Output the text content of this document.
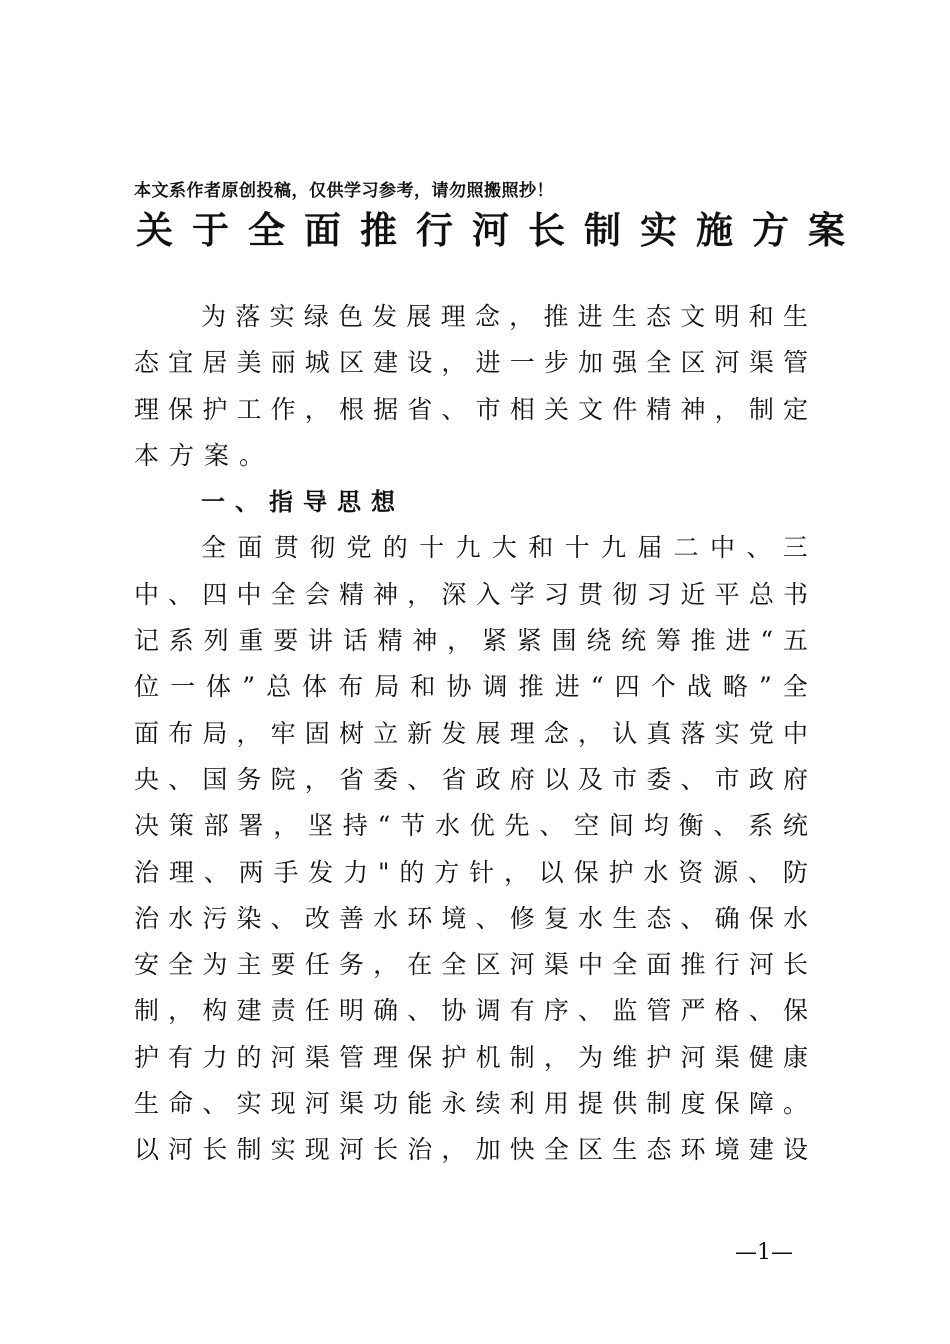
本文系作者原创投稿，仅供学习参考，请勿照搬照抄！
关于全面推行河长制实施方案
为 落 实 绿 色 发 展 理 念 ， 推 进 生 态 文 明 和 生
态 宜 居 美 丽 城 区 建 设 ， 进 一 步 加 强 全 区 河 渠 管
理 保 护 工 作 ， 根 据 省 、 市 相 关 文 件 精 神 ， 制 定
本方案。
一、指导思想
全 面 贯 彻 党 的 十 九 大 和 十 九 届 二 中 、 三
中 、 四 中 全 会 精 神 ， 深 入 学 习 贯 彻 习 近 平 总 书
记 系 列 重 要 讲 话 精 神 ， 紧 紧 围 绕 统 筹 推 进 “ 五
位 一 体 ” 总 体 布 局 和 协 调 推 进 “ 四 个 战 略 ” 全
面 布 局 ， 牢 固 树 立 新 发 展 理 念 ， 认 真 落 实 党 中
央 、 国 务 院 ， 省 委 、 省 政 府 以 及 市 委 、 市 政 府
决 策 部 署 ， 坚 持 “ 节 水 优 先 、 空 间 均 衡 、 系 统
治 理 、 两 手 发 力 " 的 方 针 ， 以 保 护 水 资 源 、 防
治 水 污 染 、 改 善 水 环 境 、 修 复 水 生 态 、 确 保 水
安 全 为 主 要 任 务 ， 在 全 区 河 渠 中 全 面 推 行 河 长
制 ， 构 建 责 任 明 确 、 协 调 有 序 、 监 管 严 格 、 保
护 有 力 的 河 渠 管 理 保 护 机 制 ， 为 维 护 河 渠 健 康
生 命 、 实 现 河 渠 功 能 永 续 利 用 提 供 制 度 保 障 。
以 河 长 制 实 现 河 长 治 ， 加 快 全 区 生 态 环 境 建 设
—1—
